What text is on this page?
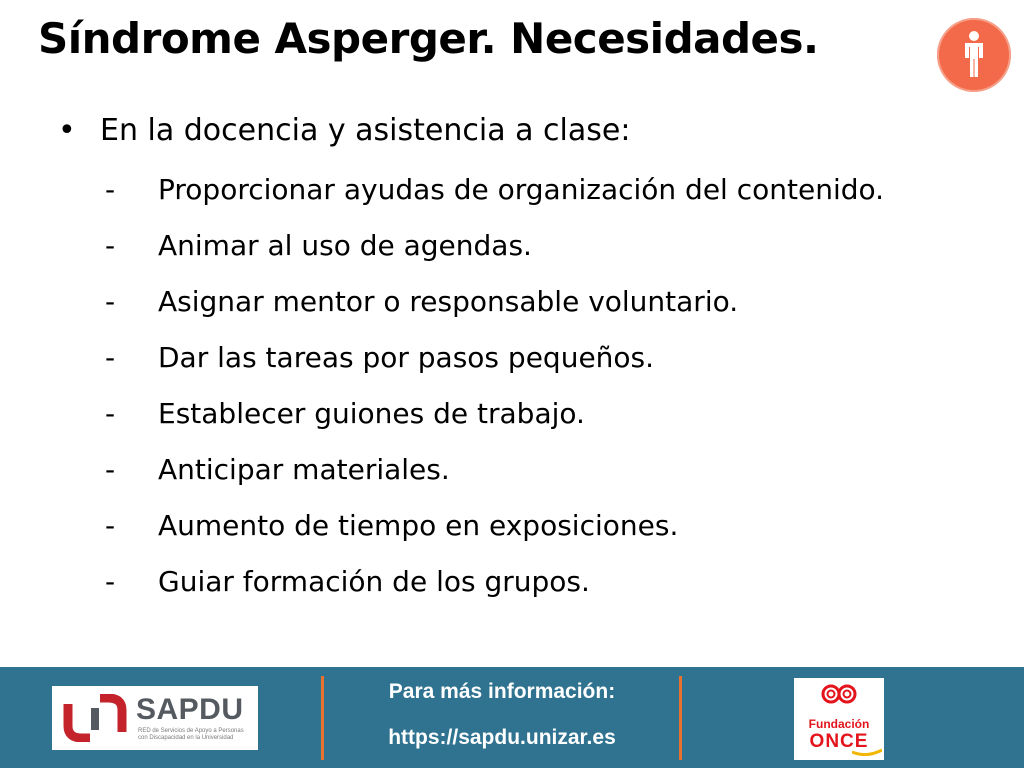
Síndrome Asperger. Necesidades.
• En la docencia y asistencia a clase:
-	Proporcionar ayudas de organización del contenido.
-	Animar al uso de agendas.
-	Asignar mentor o responsable voluntario.
-	Dar las tareas por pasos pequeños.
-	Establecer guiones de trabajo.
-	Anticipar materiales.
-	Aumento de tiempo en exposiciones.
-	Guiar formación de los grupos.
SAPDU
RED de Servicios de Apoyo a Personas con Discapacidad en la Universidad
Para más información:
https://sapdu.unizar.es
Fundación
ONCE
